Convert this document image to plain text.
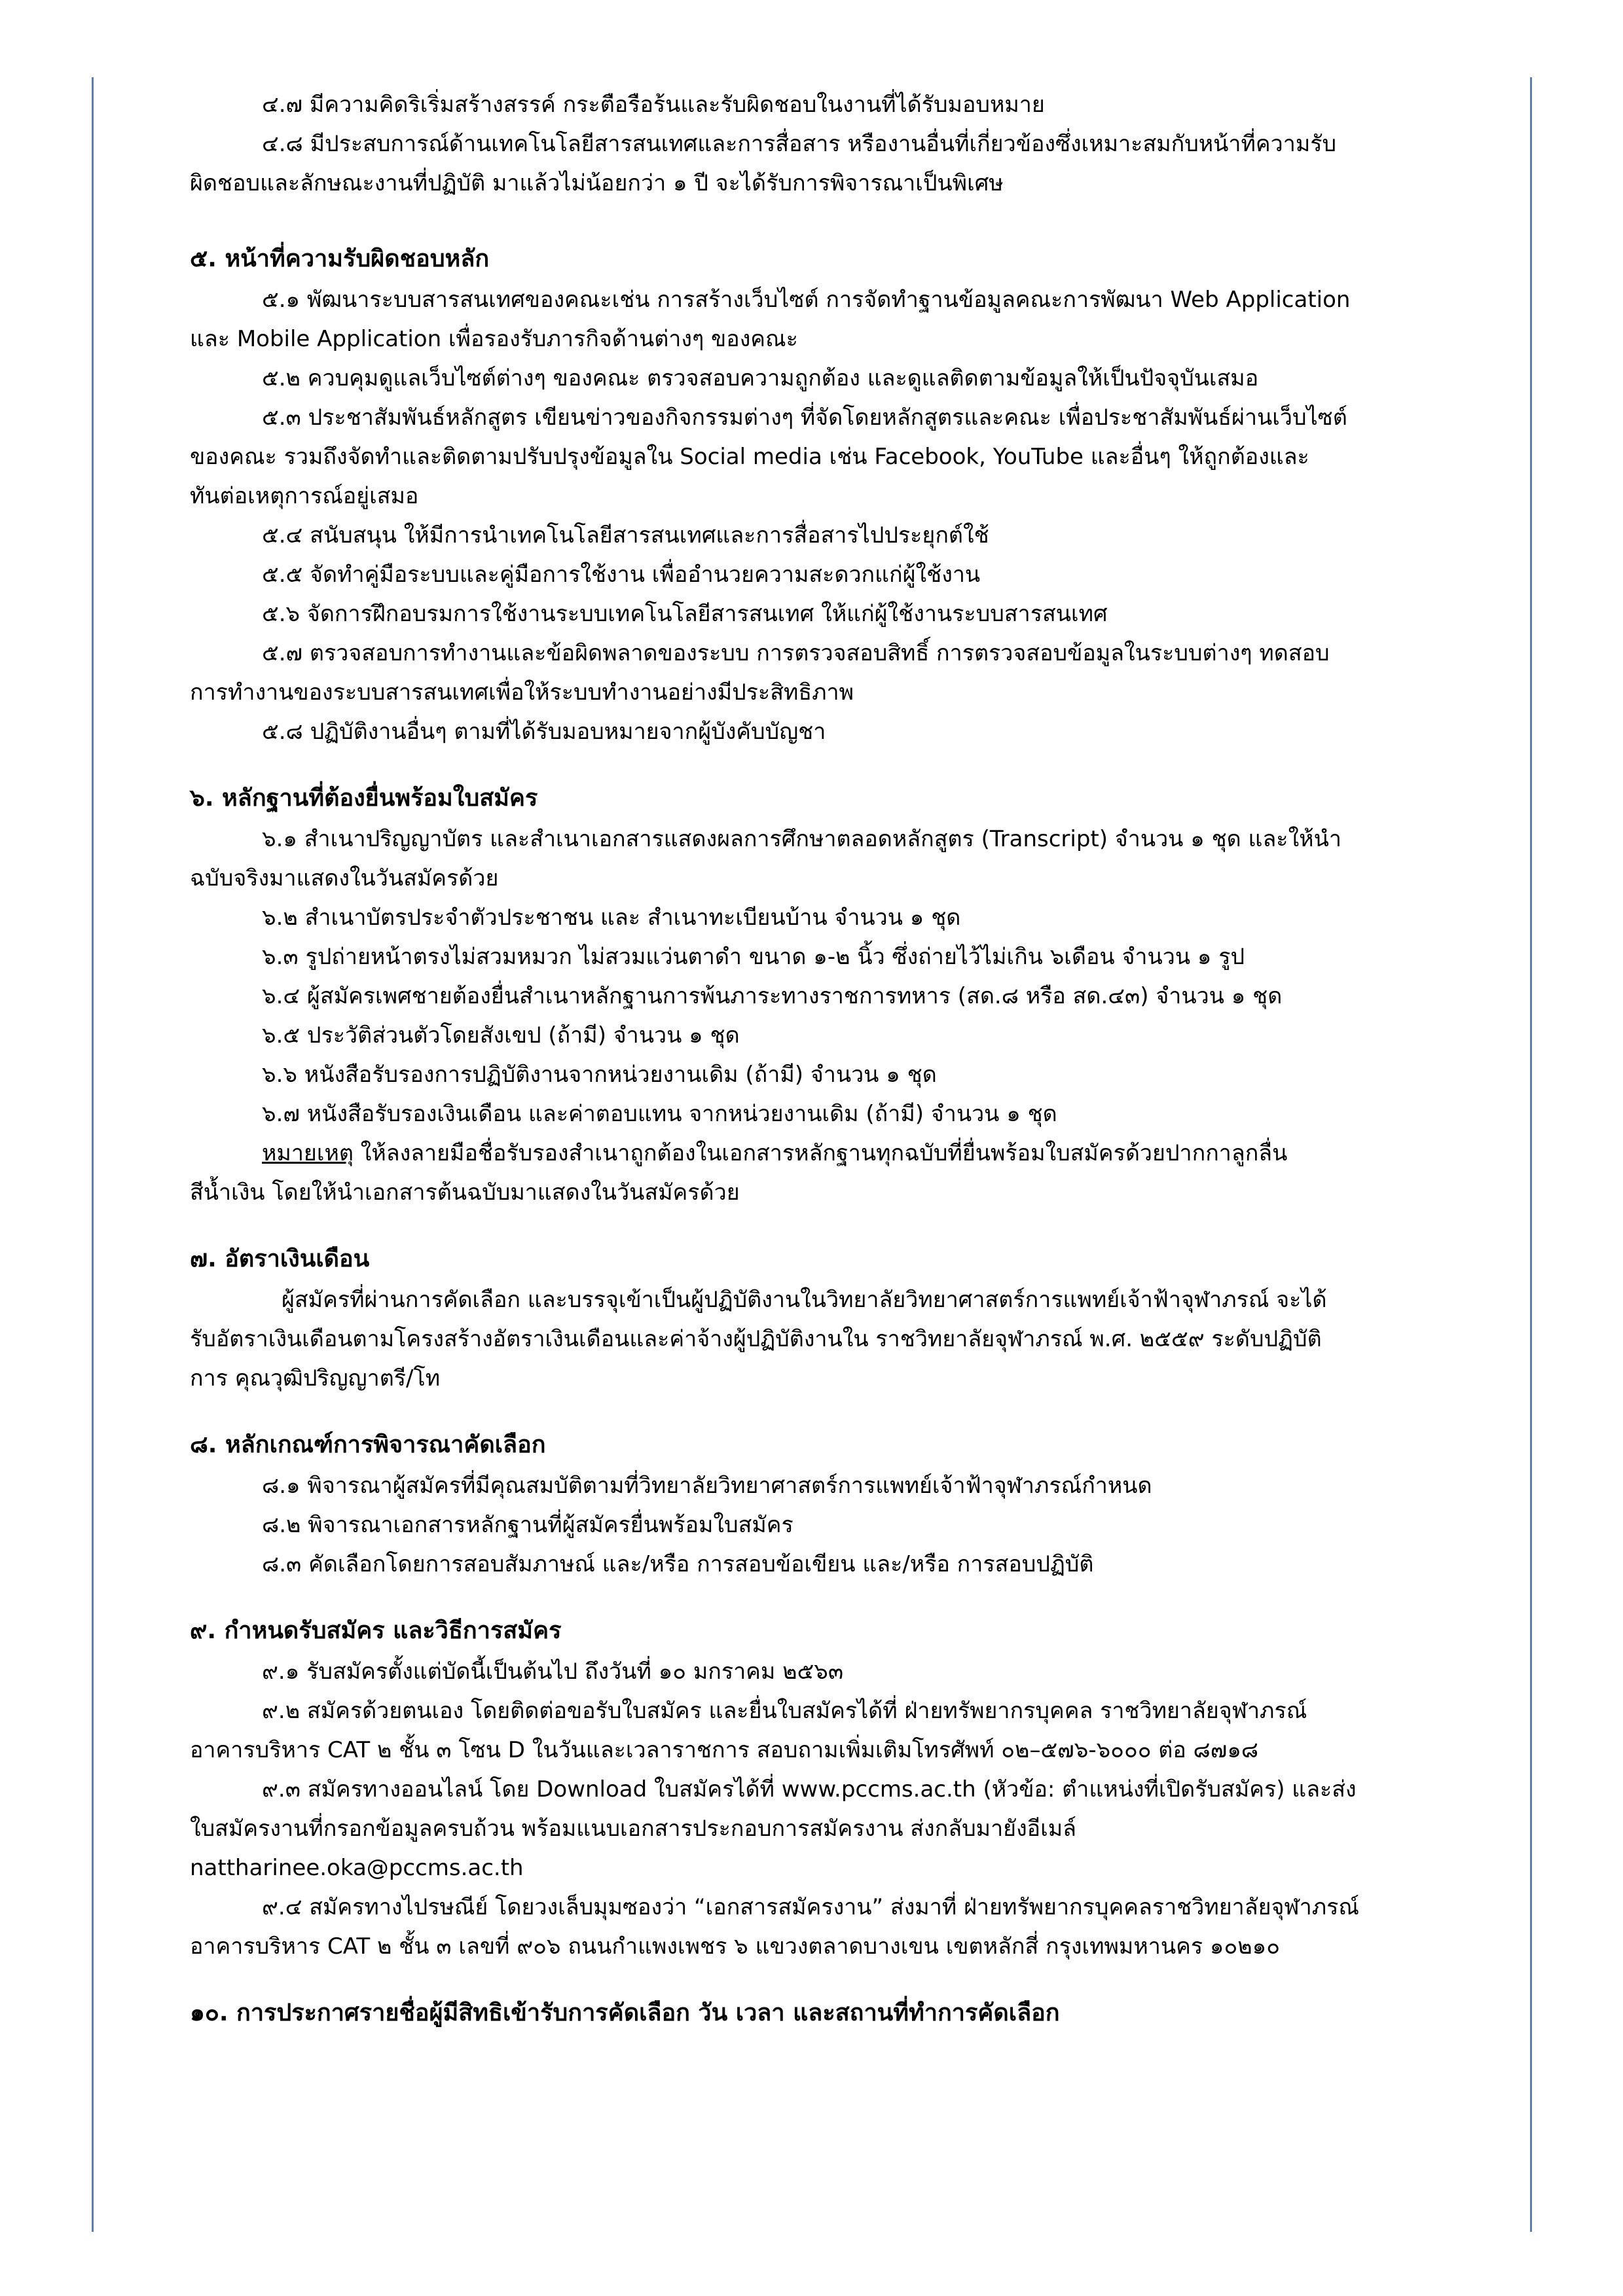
๔.๗ มีความคิดริเริ่มสร้างสรรค์ กระตือรือร้นและรับผิดชอบในงานที่ได้รับมอบหมาย

๔.๘ มีประสบการณ์ด้านเทคโนโลยีสารสนเทศและการสื่อสาร หรืองานอื่นที่เกี่ยวข้องซึ่งเหมาะสมกับหน้าที่ความรับ
ผิดชอบและลักษณะงานที่ปฏิบัติ มาแล้วไม่น้อยกว่า ๑ ปี จะได้รับการพิจารณาเป็นพิเศษ

๕. หน้าที่ความรับผิดชอบหลัก

๕.๑ พัฒนาระบบสารสนเทศของคณะเช่น การสร้างเว็บไซต์ การจัดทำฐานข้อมูลคณะการพัฒนา Web Application
และ Mobile Application เพื่อรองรับภารกิจด้านต่างๆ ของคณะ

๕.๒ ควบคุมดูแลเว็บไซต์ต่างๆ ของคณะ ตรวจสอบความถูกต้อง และดูแลติดตามข้อมูลให้เป็นปัจจุบันเสมอ

๕.๓ ประชาสัมพันธ์หลักสูตร เขียนข่าวของกิจกรรมต่างๆ ที่จัดโดยหลักสูตรและคณะ เพื่อประชาสัมพันธ์ผ่านเว็บไซต์
ของคณะ รวมถึงจัดทำและติดตามปรับปรุงข้อมูลใน Social media เช่น Facebook, YouTube และอื่นๆ ให้ถูกต้องและ
ทันต่อเหตุการณ์อยู่เสมอ

๕.๔ สนับสนุน ให้มีการนำเทคโนโลยีสารสนเทศและการสื่อสารไปประยุกต์ใช้

๕.๕ จัดทำคู่มือระบบและคู่มือการใช้งาน เพื่ออำนวยความสะดวกแก่ผู้ใช้งาน

๕.๖ จัดการฝึกอบรมการใช้งานระบบเทคโนโลยีสารสนเทศ ให้แก่ผู้ใช้งานระบบสารสนเทศ

๕.๗ ตรวจสอบการทำงานและข้อผิดพลาดของระบบ การตรวจสอบสิทธิ์ การตรวจสอบข้อมูลในระบบต่างๆ ทดสอบ
การทำงานของระบบสารสนเทศเพื่อให้ระบบทำงานอย่างมีประสิทธิภาพ

๕.๘ ปฏิบัติงานอื่นๆ ตามที่ได้รับมอบหมายจากผู้บังคับบัญชา

๖. หลักฐานที่ต้องยื่นพร้อมใบสมัคร

๖.๑ สำเนาปริญญาบัตร และสำเนาเอกสารแสดงผลการศึกษาตลอดหลักสูตร (Transcript) จำนวน ๑ ชุด และให้นำ
ฉบับจริงมาแสดงในวันสมัครด้วย

๖.๒ สำเนาบัตรประจำตัวประชาชน และ สำเนาทะเบียนบ้าน จำนวน ๑ ชุด

๖.๓ รูปถ่ายหน้าตรงไม่สวมหมวก ไม่สวมแว่นตาดำ ขนาด ๑-๒ นิ้ว ซึ่งถ่ายไว้ไม่เกิน ๖เดือน จำนวน ๑ รูป

๖.๔ ผู้สมัครเพศชายต้องยื่นสำเนาหลักฐานการพ้นภาระทางราชการทหาร (สด.๘ หรือ สด.๔๓) จำนวน ๑ ชุด

๖.๕ ประวัติส่วนตัวโดยสังเขป (ถ้ามี) จำนวน ๑ ชุด

๖.๖ หนังสือรับรองการปฏิบัติงานจากหน่วยงานเดิม (ถ้ามี) จำนวน ๑ ชุด

๖.๗ หนังสือรับรองเงินเดือน และค่าตอบแทน จากหน่วยงานเดิม (ถ้ามี) จำนวน ๑ ชุด

หมายเหตุ ให้ลงลายมือชื่อรับรองสำเนาถูกต้องในเอกสารหลักฐานทุกฉบับที่ยื่นพร้อมใบสมัครด้วยปากกาลูกลื่น
สีน้ำเงิน โดยให้นำเอกสารต้นฉบับมาแสดงในวันสมัครด้วย

๗. อัตราเงินเดือน

ผู้สมัครที่ผ่านการคัดเลือก และบรรจุเข้าเป็นผู้ปฏิบัติงานในวิทยาลัยวิทยาศาสตร์การแพทย์เจ้าฟ้าจุฬาภรณ์ จะได้
รับอัตราเงินเดือนตามโครงสร้างอัตราเงินเดือนและค่าจ้างผู้ปฏิบัติงานใน ราชวิทยาลัยจุฬาภรณ์ พ.ศ. ๒๕๕๙ ระดับปฏิบัติ
การ คุณวุฒิปริญญาตรี/โท

๘. หลักเกณฑ์การพิจารณาคัดเลือก

๘.๑ พิจารณาผู้สมัครที่มีคุณสมบัติตามที่วิทยาลัยวิทยาศาสตร์การแพทย์เจ้าฟ้าจุฬาภรณ์กำหนด

๘.๒ พิจารณาเอกสารหลักฐานที่ผู้สมัครยื่นพร้อมใบสมัคร

๘.๓ คัดเลือกโดยการสอบสัมภาษณ์ และ/หรือ การสอบข้อเขียน และ/หรือ การสอบปฏิบัติ

๙. กำหนดรับสมัคร และวิธีการสมัคร

๙.๑ รับสมัครตั้งแต่บัดนี้เป็นต้นไป ถึงวันที่ ๑๐ มกราคม ๒๕๖๓

๙.๒ สมัครด้วยตนเอง โดยติดต่อขอรับใบสมัคร และยื่นใบสมัครได้ที่ ฝ่ายทรัพยากรบุคคล ราชวิทยาลัยจุฬาภรณ์
อาคารบริหาร CAT ๒ ชั้น ๓ โซน D ในวันและเวลาราชการ สอบถามเพิ่มเติมโทรศัพท์ ๐๒–๕๗๖-๖๐๐๐ ต่อ ๘๗๑๘

๙.๓ สมัครทางออนไลน์ โดย Download ใบสมัครได้ที่ www.pccms.ac.th (หัวข้อ: ตำแหน่งที่เปิดรับสมัคร) และส่ง
ใบสมัครงานที่กรอกข้อมูลครบถ้วน พร้อมแนบเอกสารประกอบการสมัครงาน ส่งกลับมายังอีเมล์
nattharinee.oka@pccms.ac.th

๙.๔ สมัครทางไปรษณีย์ โดยวงเล็บมุมซองว่า “เอกสารสมัครงาน” ส่งมาที่ ฝ่ายทรัพยากรบุคคลราชวิทยาลัยจุฬาภรณ์
อาคารบริหาร CAT ๒ ชั้น ๓ เลขที่ ๙๐๖ ถนนกำแพงเพชร ๖ แขวงตลาดบางเขน เขตหลักสี่ กรุงเทพมหานคร ๑๐๒๑๐

๑๐. การประกาศรายชื่อผู้มีสิทธิเข้ารับการคัดเลือก วัน เวลา และสถานที่ทำการคัดเลือก
